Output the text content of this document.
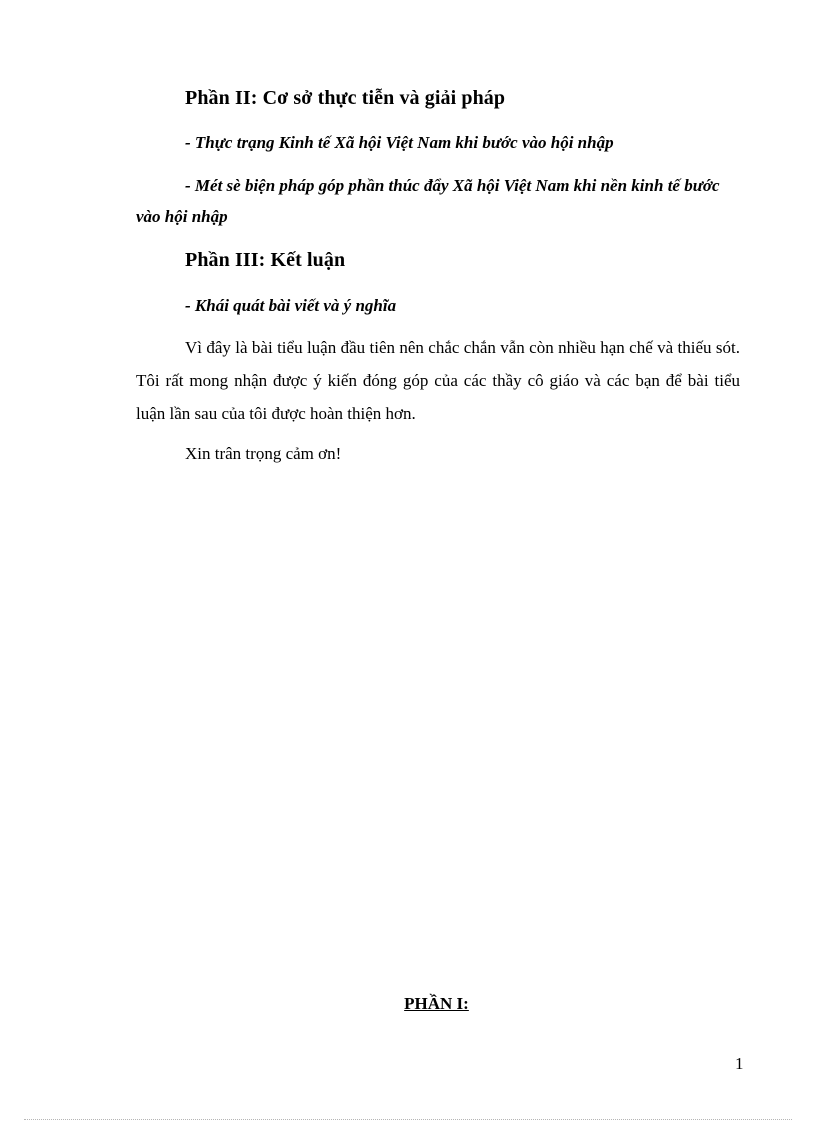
Phần II: Cơ sở thực tiễn và giải pháp

- Thực trạng Kinh tế Xã hội Việt Nam khi bước vào hội nhập

- Mét sè biện pháp góp phần thúc đẩy Xã hội Việt Nam khi nền kinh tế bước vào hội nhập

Phần III: Kết luận

- Khái quát bài viết và ý nghĩa

Vì đây là bài tiểu luận đầu tiên nên chắc chắn vẫn còn nhiều hạn chế và thiếu sót. Tôi rất mong nhận được ý kiến đóng góp của các thầy cô giáo và các bạn để bài tiểu luận lần sau của tôi được hoàn thiện hơn.

Xin trân trọng cảm ơn!

PHẦN I:
1
